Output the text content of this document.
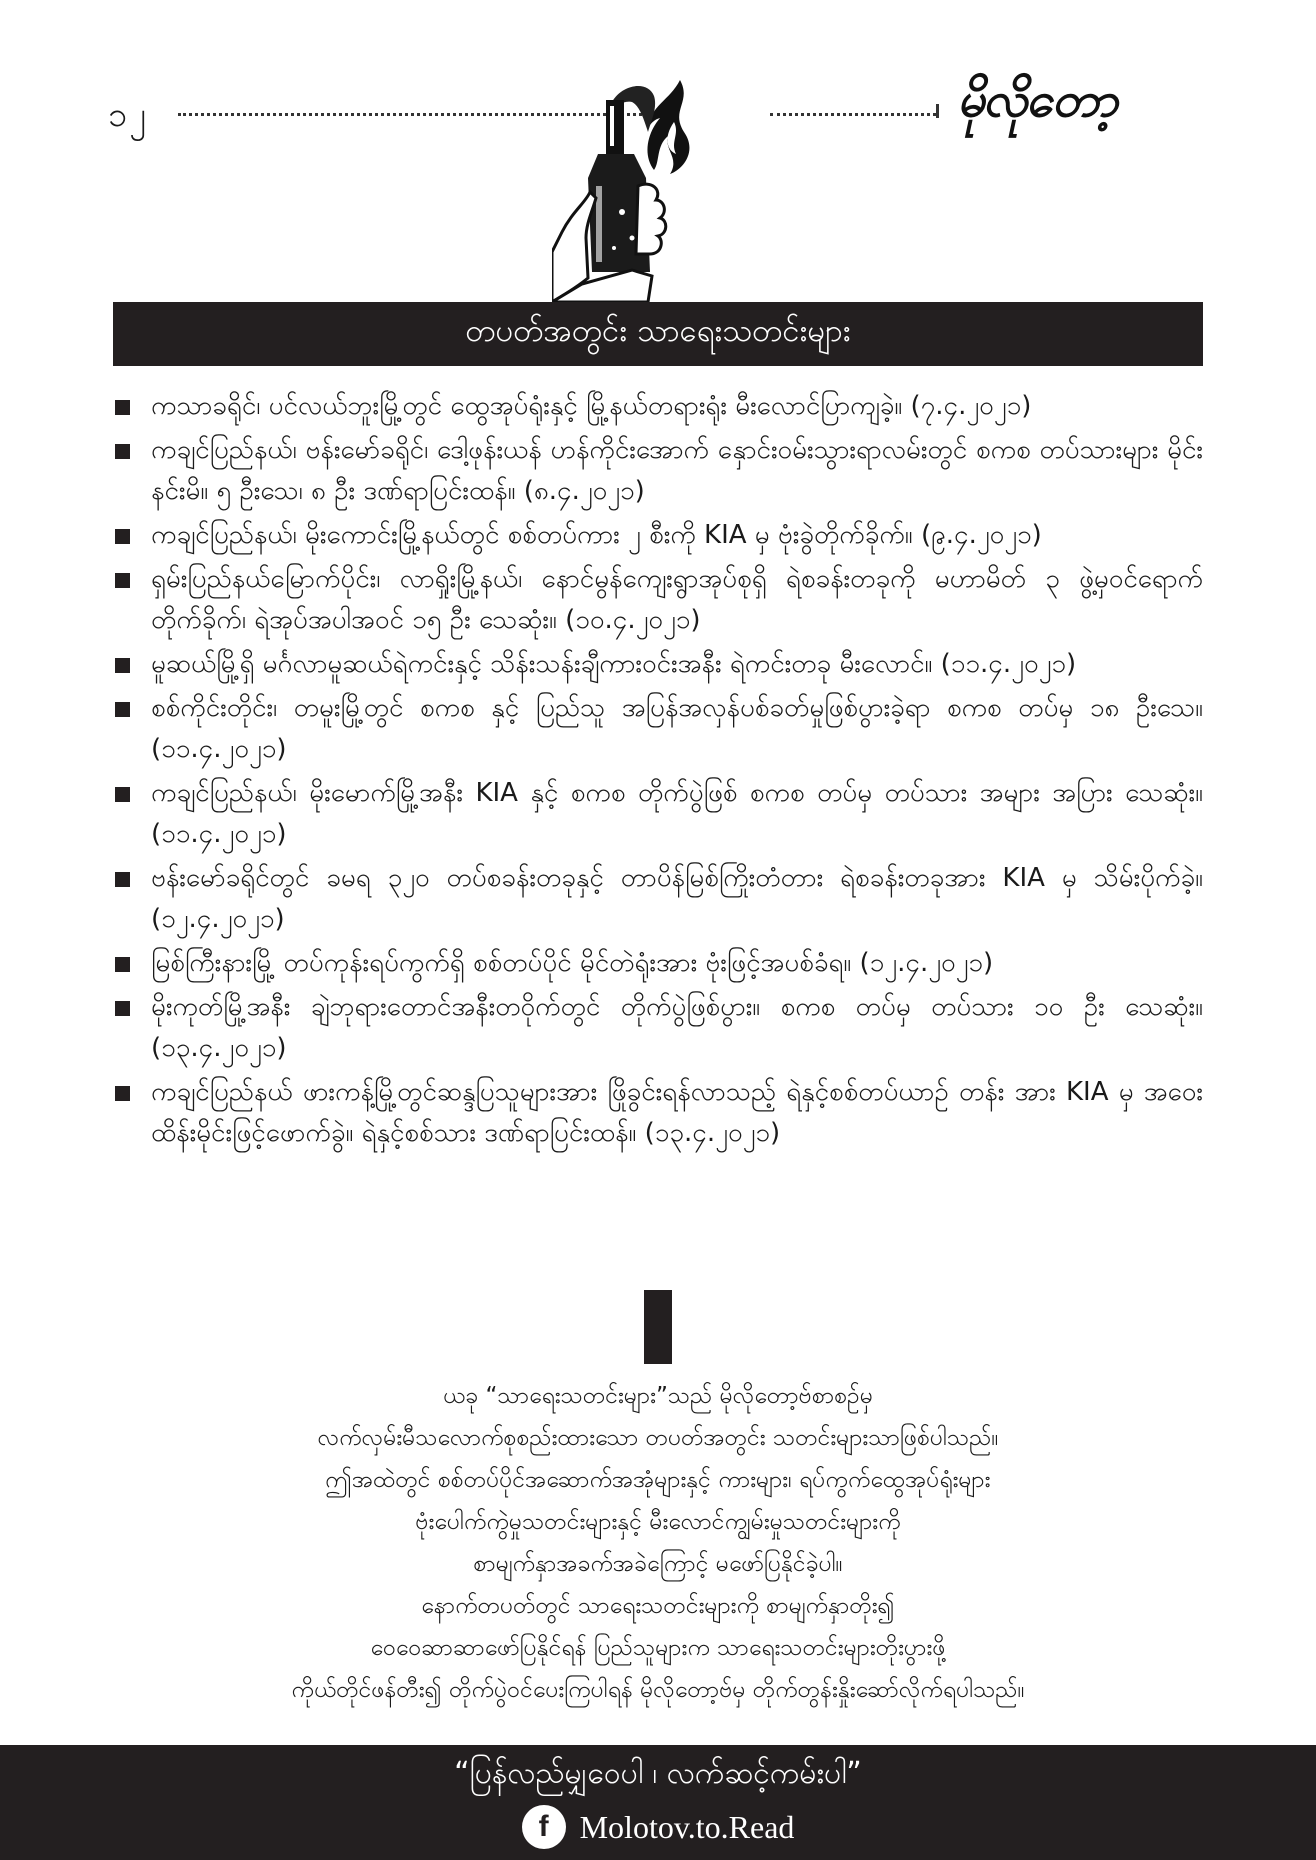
၁၂	မိုလိုတော့
တပတ်အတွင်း သာရေးသတင်းများ
ကသာခရိုင်၊ ပင်လယ်ဘူးမြို့တွင် ထွေအုပ်ရုံးနှင့် မြို့နယ်တရားရုံး မီးလောင်ပြာကျခဲ့။ (၇.၄.၂၀၂၁)
ကချင်ပြည်နယ်၊ ဗန်းမော်ခရိုင်၊ ဒေါ့ဖုန်းယန် ဟန်ကိုင်းအောက် နှောင်းဝမ်းသွားရာလမ်းတွင် စကစ တပ်သားများ မိုင်းနင်းမိ။ ၅ ဦးသေ၊ ၈ ဦး ဒဏ်ရာပြင်းထန်။ (၈.၄.၂၀၂၁)
ကချင်ပြည်နယ်၊ မိုးကောင်းမြို့နယ်တွင် စစ်တပ်ကား ၂ စီးကို KIA မှ ဗုံးခွဲတိုက်ခိုက်။ (၉.၄.၂၀၂၁)
ရှမ်းပြည်နယ်မြောက်ပိုင်း၊ လာရှိုးမြို့နယ်၊ နောင်မွန်ကျေးရွာအုပ်စုရှိ ရဲစခန်းတခုကို မဟာမိတ် ၃ ဖွဲ့မှဝင်ရောက်တိုက်ခိုက်၊ ရဲအုပ်အပါအဝင် ၁၅ ဦး သေဆုံး။ (၁၀.၄.၂၀၂၁)
မူဆယ်မြို့ရှိ မင်္ဂလာမူဆယ်ရဲကင်းနှင့် သိန်းသန်းချီကားဝင်းအနီး ရဲကင်းတခု မီးလောင်။ (၁၁.၄.၂၀၂၁)
စစ်ကိုင်းတိုင်း၊ တမူးမြို့တွင် စကစ နှင့် ပြည်သူ အပြန်အလှန်ပစ်ခတ်မှုဖြစ်ပွားခဲ့ရာ စကစ တပ်မှ ၁၈ ဦးသေ။ (၁၁.၄.၂၀၂၁)
ကချင်ပြည်နယ်၊ မိုးမောက်မြို့အနီး KIA နှင့် စကစ တိုက်ပွဲဖြစ် စကစ တပ်မှ တပ်သား အများ အပြား သေဆုံး။ (၁၁.၄.၂၀၂၁)
ဗန်းမော်ခရိုင်တွင် ခမရ ၃၂၀ တပ်စခန်းတခုနှင့် တာပိန်မြစ်ကြိုးတံတား ရဲစခန်းတခုအား KIA မှ သိမ်းပိုက်ခဲ့။ (၁၂.၄.၂၀၂၁)
မြစ်ကြီးနားမြို့ တပ်ကုန်းရပ်ကွက်ရှိ စစ်တပ်ပိုင် မိုင်တဲရုံးအား ဗုံးဖြင့်အပစ်ခံရ။ (၁၂.၄.၂၀၂၁)
မိုးကုတ်မြို့အနီး ချဲဘုရားတောင်အနီးတဝိုက်တွင် တိုက်ပွဲဖြစ်ပွား။ စကစ တပ်မှ တပ်သား ၁၀ ဦး သေဆုံး။ (၁၃.၄.၂၀၂၁)
ကချင်ပြည်နယ် ဖားကန့်မြို့တွင်ဆန္ဒပြသူများအား ဖြိုခွင်းရန်လာသည့် ရဲနှင့်စစ်တပ်ယာဉ် တန်း အား KIA မှ အဝေးထိန်းမိုင်းဖြင့်ဖောက်ခွဲ။ ရဲနှင့်စစ်သား ဒဏ်ရာပြင်းထန်။ (၁၃.၄.၂၀၂၁)
ယခု “သာရေးသတင်းများ”သည် မိုလိုတော့ဗ်စာစဉ်မှ
လက်လှမ်းမီသလောက်စုစည်းထားသော တပတ်အတွင်း သတင်းများသာဖြစ်ပါသည်။
ဤအထဲတွင် စစ်တပ်ပိုင်အဆောက်အအုံများနှင့် ကားများ၊ ရပ်ကွက်ထွေအုပ်ရုံးများ
ဗုံးပေါက်ကွဲမှုသတင်းများနှင့် မီးလောင်ကျွမ်းမှုသတင်းများကို
စာမျက်နှာအခက်အခဲကြောင့် မဖော်ပြနိုင်ခဲ့ပါ။
နောက်တပတ်တွင် သာရေးသတင်းများကို စာမျက်နှာတိုး၍
ဝေဝေဆာဆာဖော်ပြနိုင်ရန် ပြည်သူများက သာရေးသတင်းများတိုးပွားဖို့
ကိုယ်တိုင်ဖန်တီး၍ တိုက်ပွဲဝင်ပေးကြပါရန် မိုလိုတော့ဗ်မှ တိုက်တွန်းနှိုးဆော်လိုက်ရပါသည်။
“ပြန်လည်မျှဝေပါ ၊ လက်ဆင့်ကမ်းပါ”
f Molotov.to.Read
